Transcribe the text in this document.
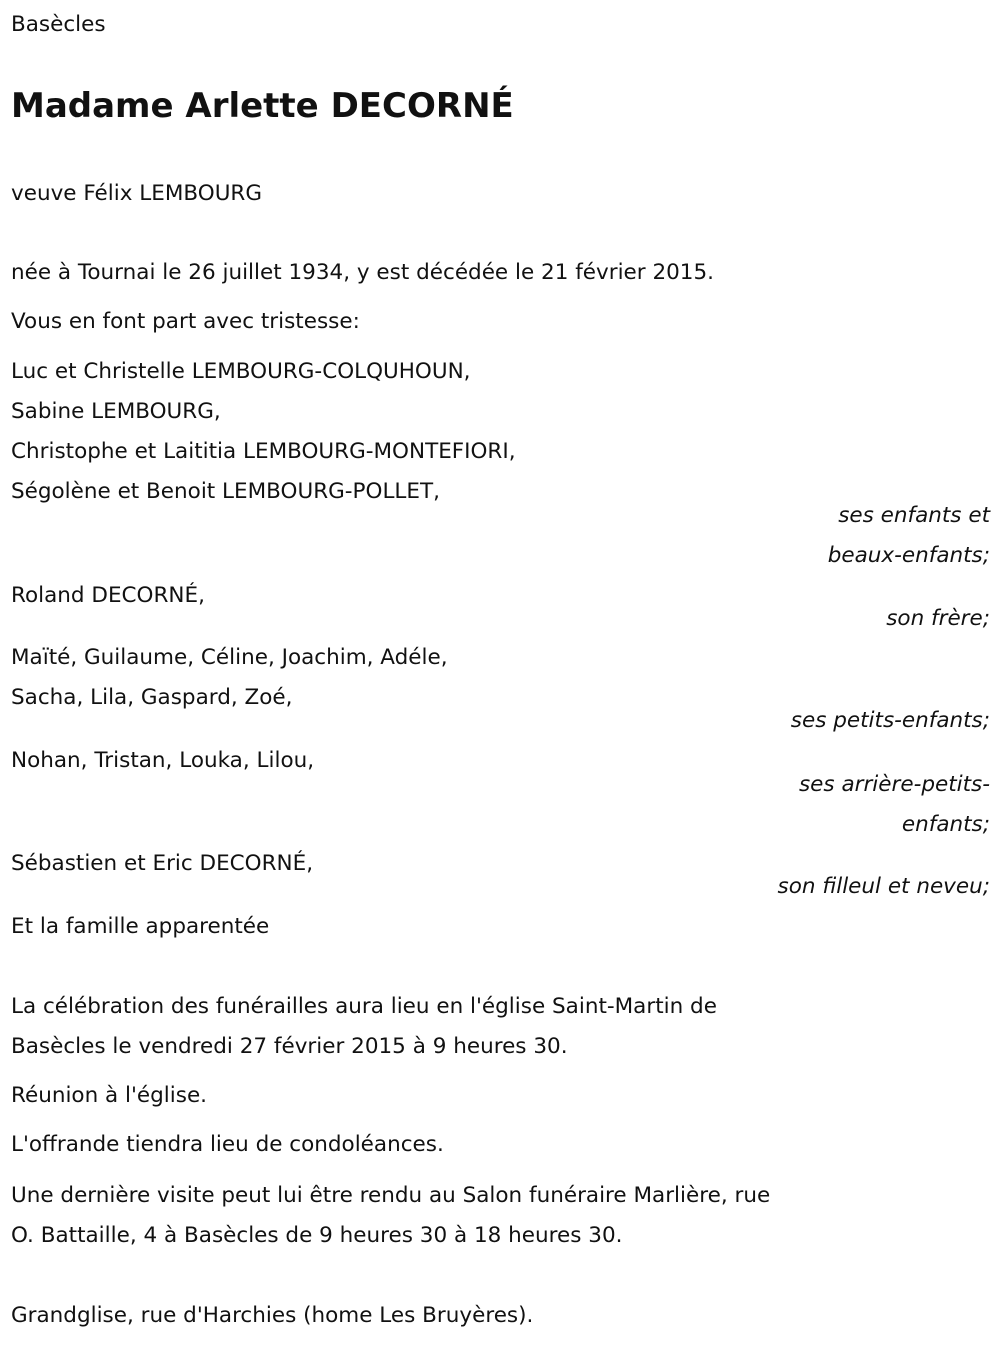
Basècles
Madame Arlette DECORNÉ
veuve Félix LEMBOURG
née à Tournai le 26 juillet 1934, y est décédée le 21 février 2015.
Vous en font part avec tristesse:
Luc et Christelle LEMBOURG-COLQUHOUN,
Sabine LEMBOURG,
Christophe et Laititia LEMBOURG-MONTEFIORI,
Ségolène et Benoit LEMBOURG-POLLET,
ses enfants et
beaux-enfants;
Roland DECORNÉ,
son frère;
Maïté, Guilaume, Céline, Joachim, Adéle,
Sacha, Lila, Gaspard, Zoé,
ses petits-enfants;
Nohan, Tristan, Louka, Lilou,
ses arrière-petits-
enfants;
Sébastien et Eric DECORNÉ,
son filleul et neveu;
Et la famille apparentée
La célébration des funérailles aura lieu en l'église Saint-Martin de
Basècles le vendredi 27 février 2015 à 9 heures 30.
Réunion à l'église.
L'offrande tiendra lieu de condoléances.
Une dernière visite peut lui être rendu au Salon funéraire Marlière, rue
O. Battaille, 4 à Basècles de 9 heures 30 à 18 heures 30.
Grandglise, rue d'Harchies (home Les Bruyères).
